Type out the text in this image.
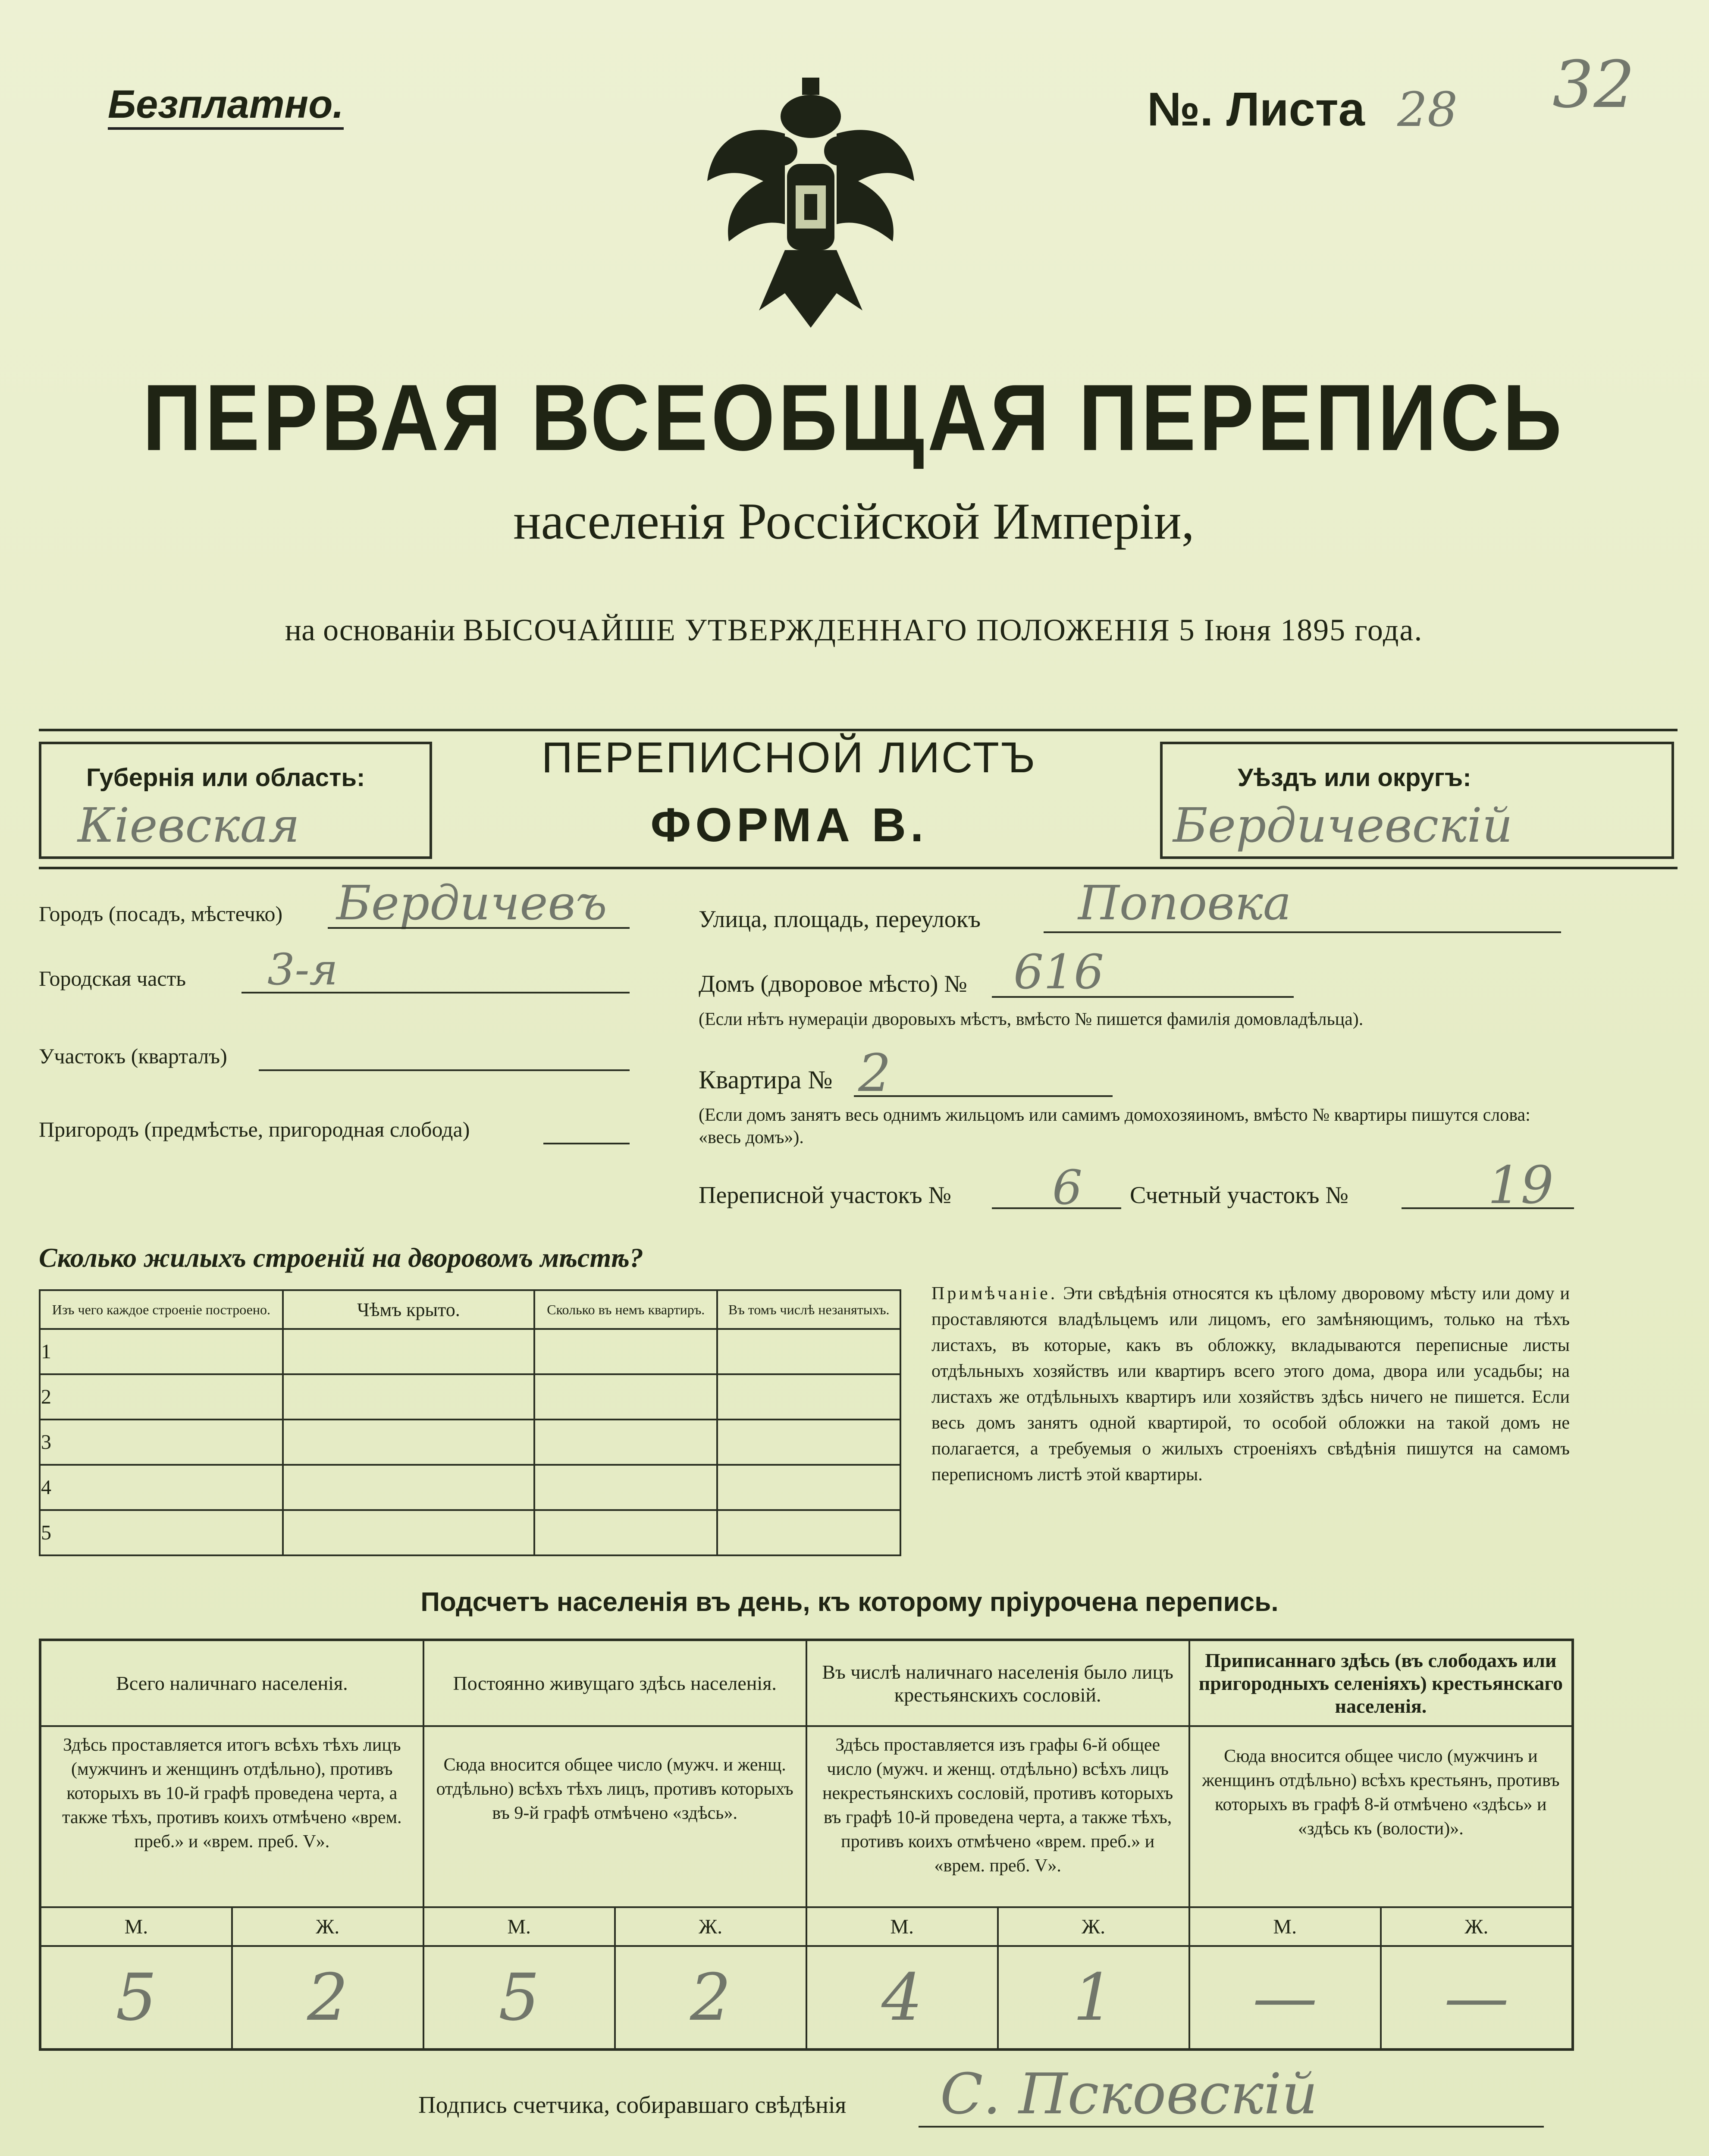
Безплатно.	№. Листа 28 32
ПЕРВАЯ ВСЕОБЩАЯ ПЕРЕПИСЬ
населенія Россійской Имперіи,
на основаніи ВЫСОЧАЙШЕ УТВЕРЖДЕННАГО ПОЛОЖЕНІЯ 5 Іюня 1895 года.
Губернія или область:
Кіевская
ПЕРЕПИСНОЙ ЛИСТЪ
ФОРМА В.
Уѣздъ или округъ:
Бердичевскій
Городъ (посадъ, мѣстечко) Бердичевъ
Городская часть 3-я
Участокъ (кварталъ)
Пригородъ (предмѣстье, пригородная слобода)
Улица, площадь, переулокъ Поповка
Домъ (дворовое мѣсто) № 616
(Если нѣтъ нумераціи дворовыхъ мѣстъ, вмѣсто № пишется фамилія домовладѣльца).
Квартира № 2
(Если домъ занятъ весь однимъ жильцомъ или самимъ домохозяиномъ, вмѣсто № квартиры пишутся слова: «весь домъ»).
Переписной участокъ № 6 Счетный участокъ №	19
Сколько жилыхъ строеній на дворовомъ мѣстѣ?
Изъ чего каждое строеніе построено.	Чѣмъ крыто.	Сколько въ немъ квартиръ.	Въ томъ числѣ незанятыхъ.
1			
2			
3			
4			
5			
Примѣчаніе. Эти свѣдѣнія относятся къ цѣлому дворовому мѣсту или дому и проставляются владѣльцемъ или лицомъ, его замѣняющимъ, только на тѣхъ листахъ, въ которые, какъ въ обложку, вкладываются переписные листы отдѣльныхъ хозяйствъ или квартиръ всего этого дома, двора или усадьбы; на листахъ же отдѣльныхъ квартиръ или хозяйствъ здѣсь ничего не пишется. Если весь домъ занятъ одной квартирой, то особой обложки на такой домъ не полагается, а требуемыя о жилыхъ строеніяхъ свѣдѣнія пишутся на самомъ переписномъ листѣ этой квартиры.
Подсчетъ населенія въ день, къ которому пріурочена перепись.
Всего наличнаго населенія.		Постоянно живущаго здѣсь населенія.		Въ числѣ наличнаго населенія было лицъ крестьянскихъ сословій.		Приписаннаго здѣсь (въ слободахъ или пригородныхъ селеніяхъ) крестьянскаго населенія.	
Здѣсь проставляется итогъ всѣхъ тѣхъ лицъ (мужчинъ и женщинъ отдѣльно), противъ которыхъ въ 10-й графѣ проведена черта, а также тѣхъ, противъ коихъ отмѣчено «врем. преб.» и «врем. преб. V».		Сюда вносится общее число (мужч. и женщ. отдѣльно) всѣхъ тѣхъ лицъ, противъ которыхъ въ 9-й графѣ отмѣчено «здѣсь».		Здѣсь проставляется изъ графы 6-й общее число (мужч. и женщ. отдѣльно) всѣхъ лицъ некрестьянскихъ сословій, противъ которыхъ въ графѣ 10-й проведена черта, а также тѣхъ, противъ коихъ отмѣчено «врем. преб.» и «врем. преб. V».		Сюда вносится общее число (мужчинъ и женщинъ отдѣльно) всѣхъ крестьянъ, противъ которыхъ въ графѣ 8-й отмѣчено «здѣсь» и «здѣсь къ (волости)».	
М.	Ж.	М.	Ж.	М.	Ж.	М.	Ж.
5	2	5	2	4	1	—	—
Подпись счетчика, собиравшаго свѣдѣнія С. Псковскій
